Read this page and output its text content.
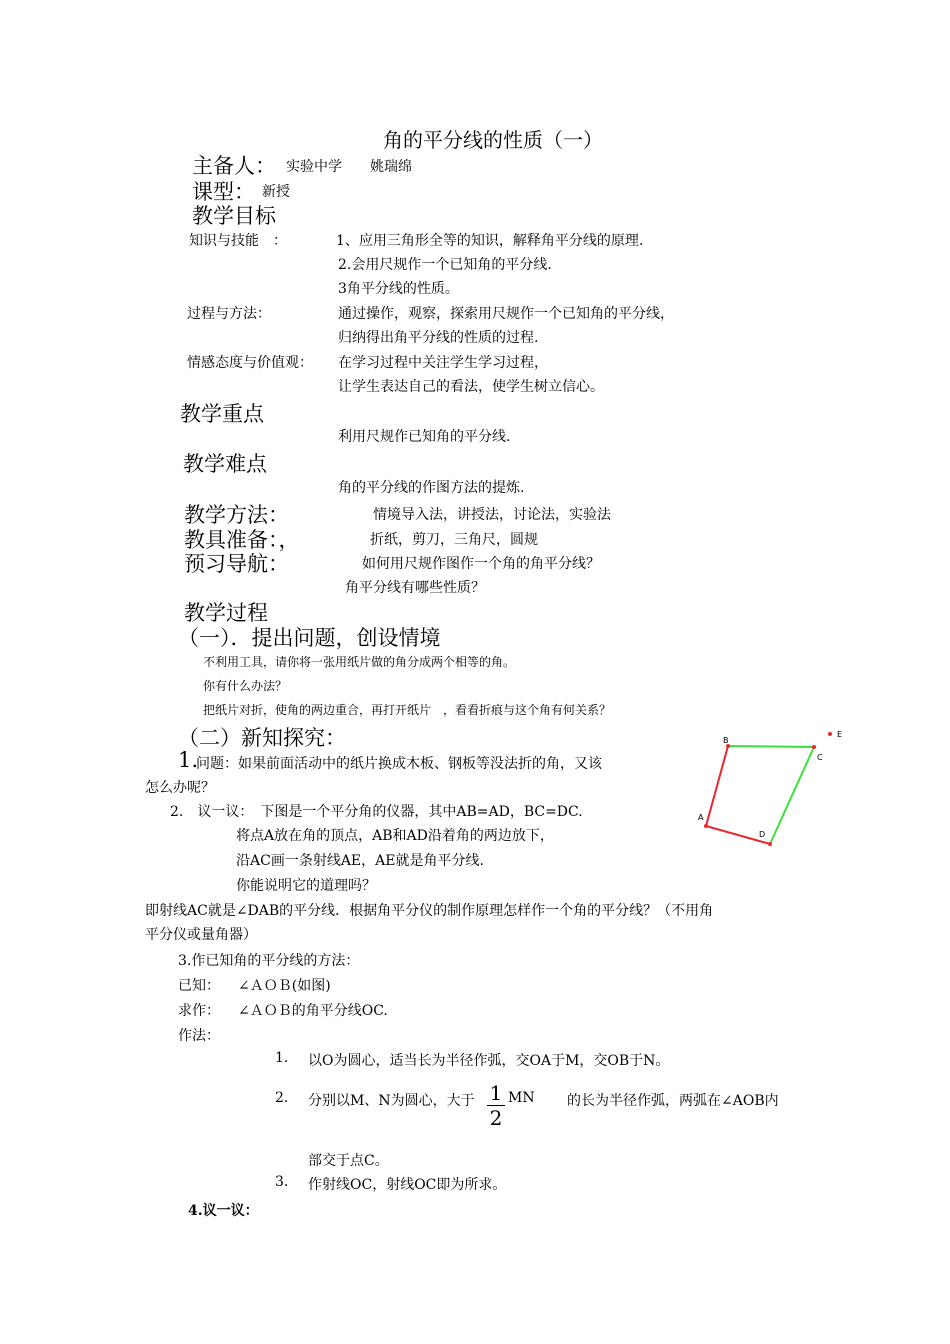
角的平分线的性质（一）
主备人： 实验中学　　姚瑞绵
课型： 新授
教学目标
知识与技能　：	1、应用三角形全等的知识，解释角平分线的原理.
2.会用尺规作一个已知角的平分线.
3角平分线的性质。
过程与方法：	通过操作，观察，探索用尺规作一个已知角的平分线，
归纳得出角平分线的性质的过程.
情感态度与价值观： 在学习过程中关注学生学习过程，
让学生表达自己的看法，使学生树立信心。
教学重点
利用尺规作已知角的平分线.
教学难点
角的平分线的作图方法的提炼.
教学方法：	情境导入法，讲授法，讨论法，实验法
教具准备：，	折纸，剪刀，三角尺，圆规
预习导航：	如何用尺规作图作一个角的角平分线？
角平分线有哪些性质？
教学过程
（一）．提出问题，创设情境
不利用工具，请你将一张用纸片做的角分成两个相等的角。
你有什么办法？
把纸片对折，使角的两边重合，再打开纸片　，看看折痕与这个角有何关系？
（二）新知探究：
1.
问题：如果前面活动中的纸片换成木板、钢板等没法折的角，又该
怎么办呢？
2.　议一议：　下图是一个平分角的仪器，其中AB=AD，BC=DC.
将点A放在角的顶点，AB和AD沿着角的两边放下，
沿AC画一条射线AE，AE就是角平分线.
你能说明它的道理吗？
即射线AC就是∠DAB的平分线．根据角平分仪的制作原理怎样作一个角的平分线？（不用角
平分仪或量角器）
A
B
C
D
E
3.作已知角的平分线的方法：
已知： ∠ＡＯＢ(如图)
求作： ∠ＡＯＢ的角平分线OC.
作法：
1. 以O为圆心，适当长为半径作弧，交OA于M，交OB于N。
2. 分别以M、N为圆心，大于 1
2
MN 的长为半径作弧，两弧在∠AOB内
部交于点C。
3. 作射线OC，射线OC即为所求。
4.议一议：
